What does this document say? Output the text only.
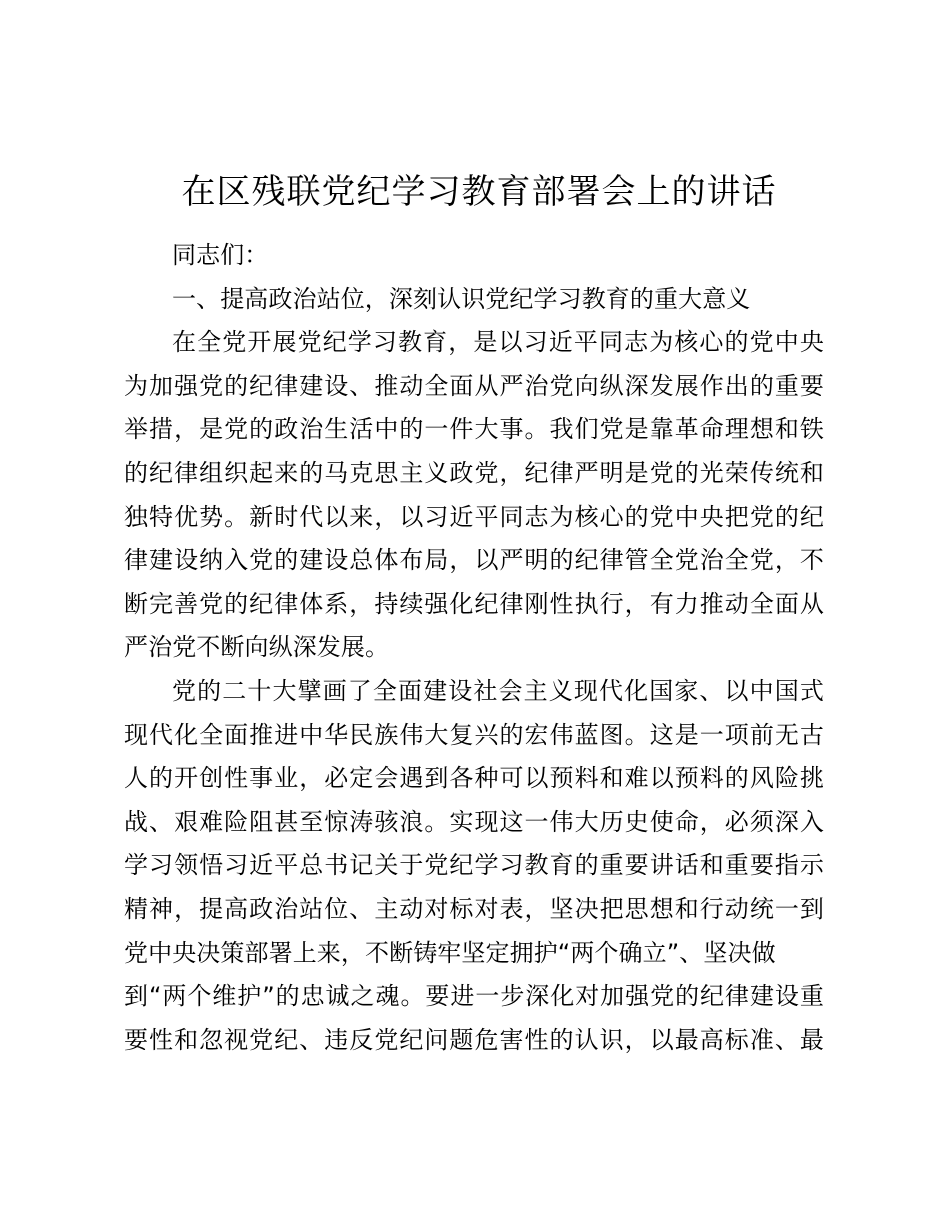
在区残联党纪学习教育部署会上的讲话
同志们：
一、提高政治站位，深刻认识党纪学习教育的重大意义
在全党开展党纪学习教育，是以习近平同志为核心的党中央
为加强党的纪律建设、推动全面从严治党向纵深发展作出的重要
举措，是党的政治生活中的一件大事。我们党是靠革命理想和铁
的纪律组织起来的马克思主义政党，纪律严明是党的光荣传统和
独特优势。新时代以来，以习近平同志为核心的党中央把党的纪
律建设纳入党的建设总体布局，以严明的纪律管全党治全党，不
断完善党的纪律体系，持续强化纪律刚性执行，有力推动全面从
严治党不断向纵深发展。
党的二十大擘画了全面建设社会主义现代化国家、以中国式
现代化全面推进中华民族伟大复兴的宏伟蓝图。这是一项前无古
人的开创性事业，必定会遇到各种可以预料和难以预料的风险挑
战、艰难险阻甚至惊涛骇浪。实现这一伟大历史使命，必须深入
学习领悟习近平总书记关于党纪学习教育的重要讲话和重要指示
精神，提高政治站位、主动对标对表，坚决把思想和行动统一到
党中央决策部署上来，不断铸牢坚定拥护“两个确立”、坚决做
到“两个维护”的忠诚之魂。要进一步深化对加强党的纪律建设重
要性和忽视党纪、违反党纪问题危害性的认识，以最高标准、最
